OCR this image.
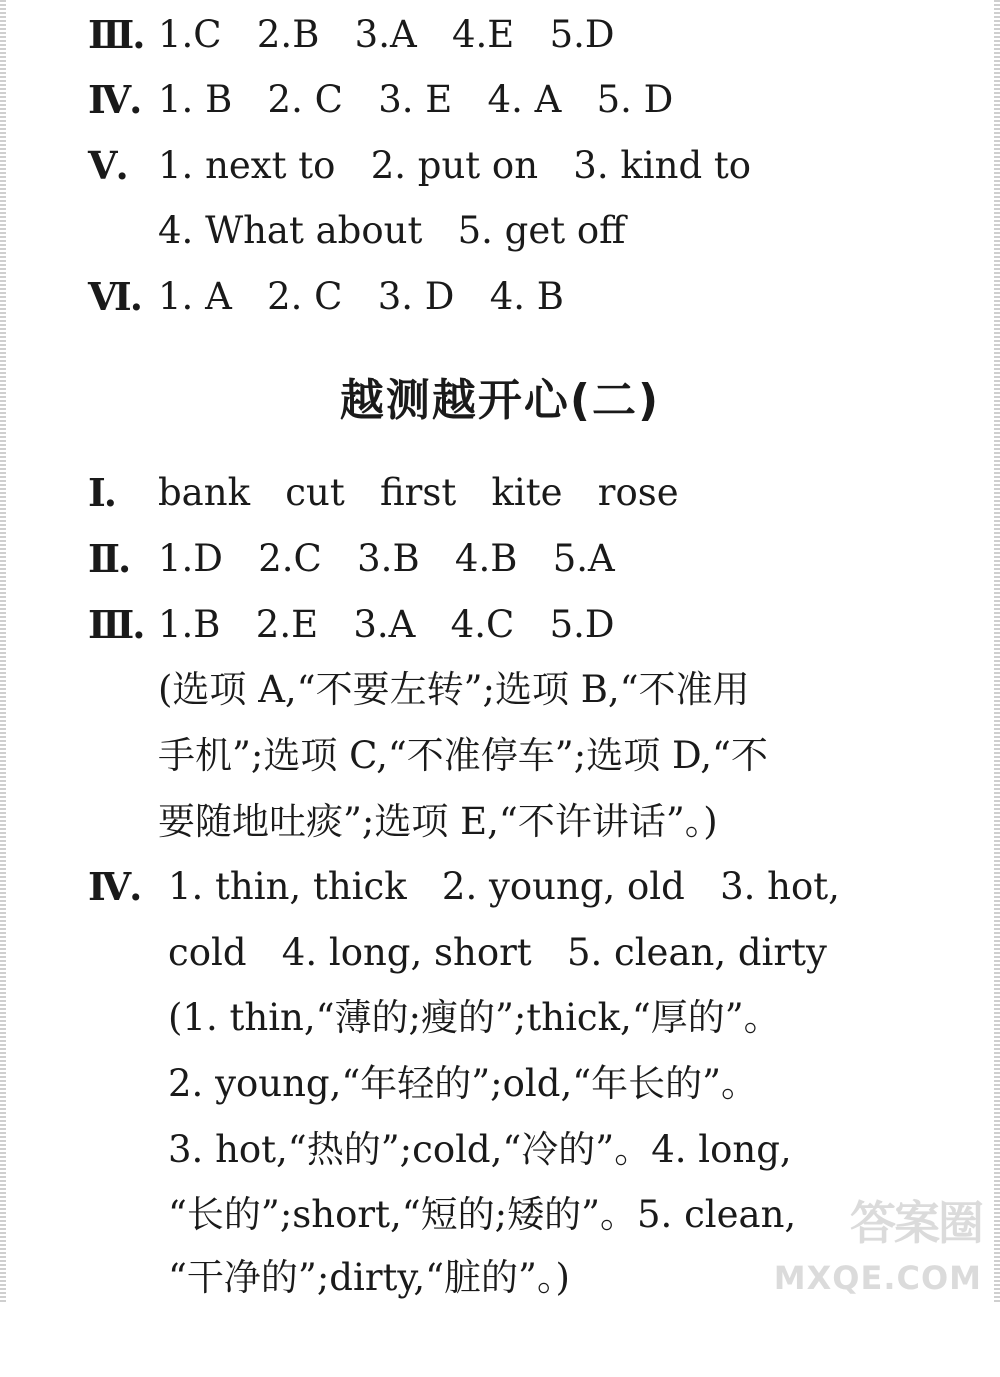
Ⅲ.

1.C   2.B   3.A   4.E   5.D

Ⅳ.

1. B   2. C   3. E   4. A   5. D

Ⅴ.

1. next to   2. put on   3. kind to

4. What about   5. get off

Ⅵ.

1. A   2. C   3. D   4. B

越测越开心(二)

Ⅰ.

bank   cut   first   kite   rose

Ⅱ.

1.D   2.C   3.B   4.B   5.A

Ⅲ.

1.B   2.E   3.A   4.C   5.D

(选项 A,“不要左转”;选项 B,“不准用

手机”;选项 C,“不准停车”;选项 D,“不

要随地吐痰”;选项 E,“不许讲话”。)

Ⅳ.

1. thin, thick   2. young, old   3. hot,

cold   4. long, short   5. clean, dirty

(1. thin,“薄的;瘦的”;thick,“厚的”。

2. young,“年轻的”;old,“年长的”。

3. hot,“热的”;cold,“冷的”。4. long,

“长的”;short,“短的;矮的”。5. clean,

“干净的”;dirty,“脏的”。)

答案圈
MXQE.COM
